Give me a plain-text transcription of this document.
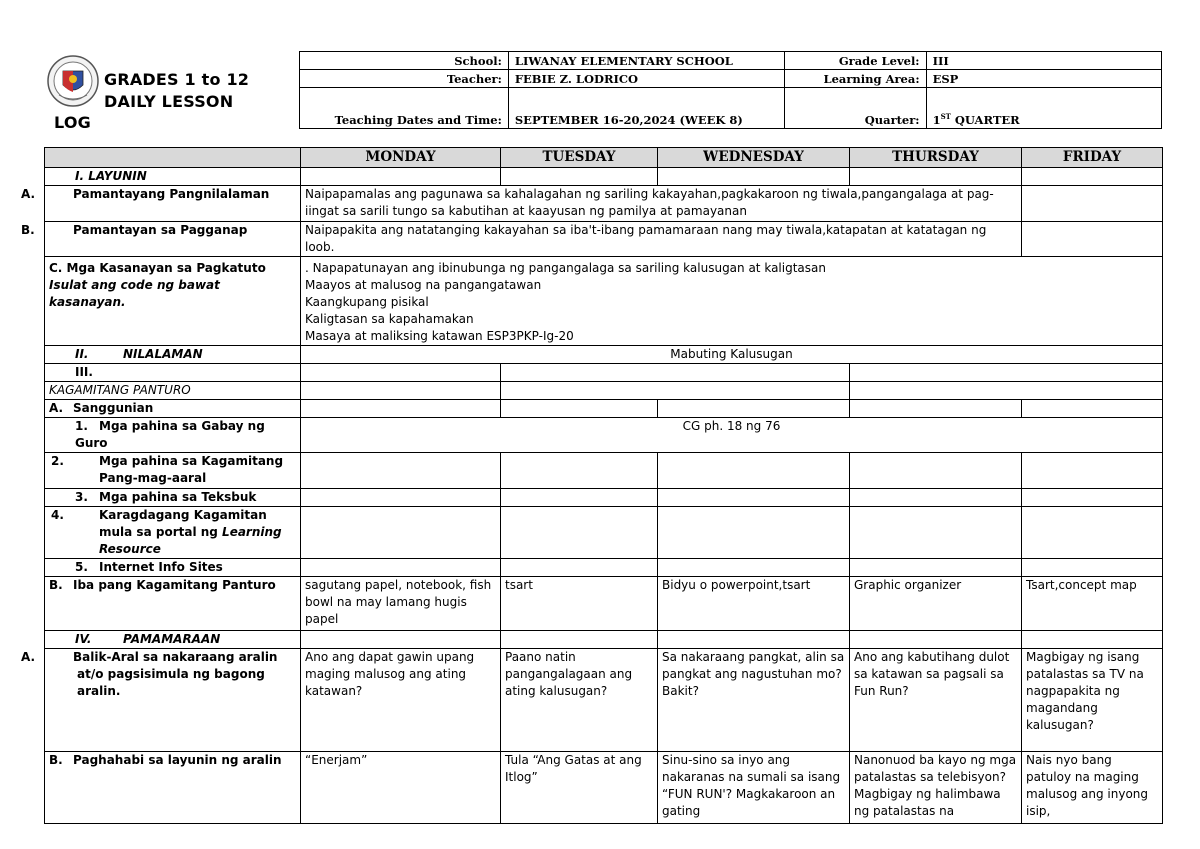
GRADES 1 to 12
DAILY LESSON
LOG
School:	LIWANAY ELEMENTARY SCHOOL	Grade Level:	III
Teacher:	FEBIE Z. LODRICO	Learning Area:	ESP
Teaching Dates and Time:	SEPTEMBER 16-20,2024 (WEEK 8)	Quarter:	1ST QUARTER
	MONDAY	TUESDAY	WEDNESDAY	THURSDAY	FRIDAY
I. LAYUNIN					

A. Pamantayang Pangnilalaman	Naipapamalas ang pagunawa sa kahalagahan ng sariling kakayahan,pagkakaroon ng tiwala,pangangalaga at pag-iingat sa sarili tungo sa kabutihan at kaayusan ng pamilya at pamayanan				

B. Pamantayan sa Pagganap	Naipapakita ang natatanging kakayahan sa iba't-ibang pamamaraan nang may tiwala,katapatan at katatagan ng loob.				

C. Mga Kasanayan sa Pagkatuto
Isulat ang code ng bawat kasanayan.	. Napapatunayan ang ibinubunga ng pangangalaga sa sariling kalusugan at kaligtasan
Maayos at malusog na pangangatawan
Kaangkupang pisikal
Kaligtasan sa kapahamakan
Masaya at maliksing katawan ESP3PKP-Ig-20				

II. NILALAMAN	Mabuting Kalusugan				
III.					
KAGAMITANG PANTURO					
A. Sanggunian					
1. Mga pahina sa Gabay ng Guro	CG ph. 18 ng 76				

2. Mga pahina sa Kagamitang Pang-mag-aaral					

3. Mga pahina sa Teksbuk					

4. Karagdagang Kagamitan mula sa portal ng Learning Resource					

5. Internet Info Sites					
B. Iba pang Kagamitang Panturo	sagutang papel, notebook, fish bowl na may lamang hugis papel	tsart	Bidyu o powerpoint,tsart	Graphic organizer	Tsart,concept map
IV. PAMAMARAAN					

A. Balik-Aral sa nakaraang aralin at/o pagsisimula ng bagong aralin.	Ano ang dapat gawin upang maging malusog ang ating katawan?	Paano natin pangangalagaan ang ating kalusugan?	Sa nakaraang pangkat, alin sa pangkat ang nagustuhan mo? Bakit?	Ano ang kabutihang dulot sa katawan sa pagsali sa Fun Run?	Magbigay ng isang patalastas sa TV na nagpapakita ng magandang kalusugan?
B. Paghahabi sa layunin ng aralin	“Enerjam”	Tula “Ang Gatas at ang Itlog”	Sinu-sino sa inyo ang nakaranas na sumali sa isang “FUN RUN'? Magkakaroon an gating	Nanonuod ba kayo ng mga patalastas sa telebisyon? Magbigay ng halimbawa ng patalastas na	Nais nyo bang patuloy na maging malusog ang inyong isip,
